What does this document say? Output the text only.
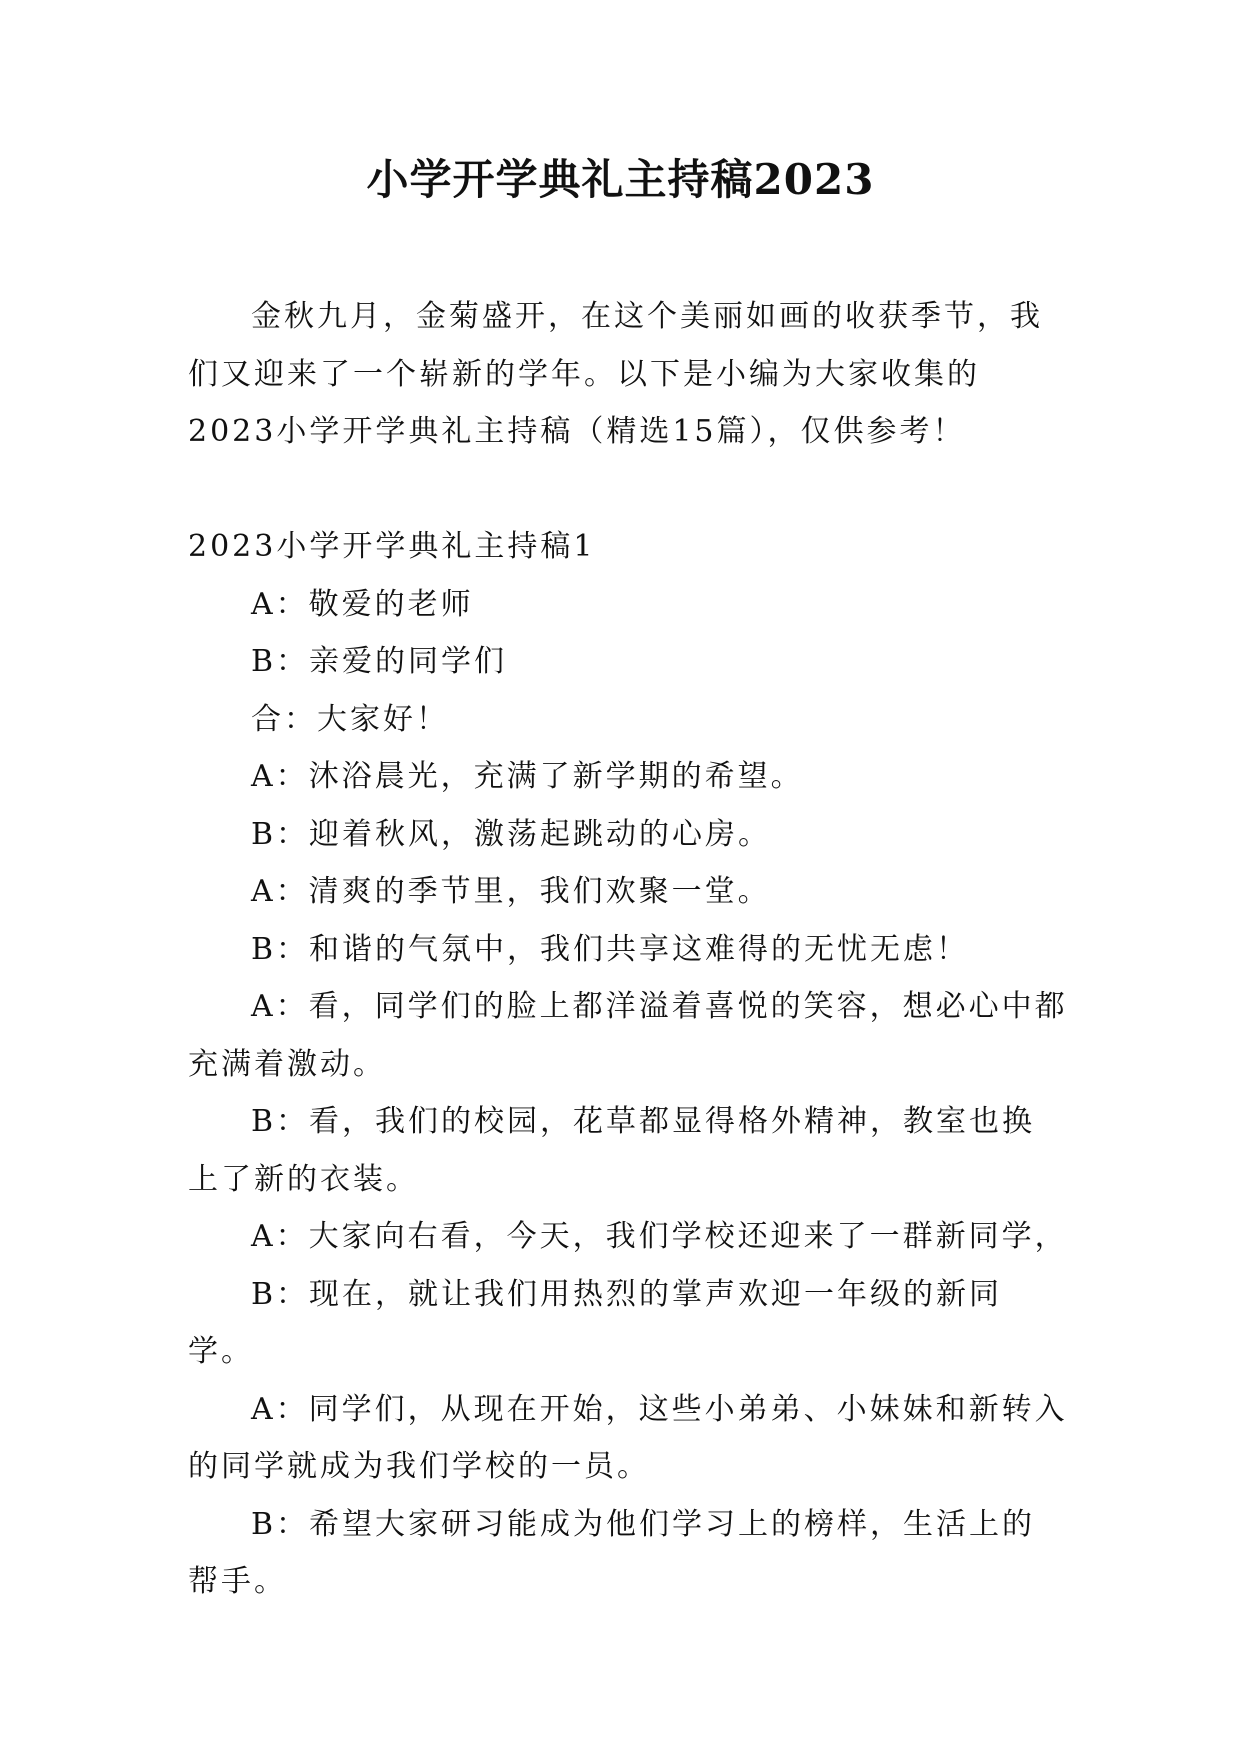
小学开学典礼主持稿2023

金秋九月，金菊盛开，在这个美丽如画的收获季节，我们又迎来了一个崭新的学年。以下是小编为大家收集的2023小学开学典礼主持稿（精选15篇），仅供参考！

2023小学开学典礼主持稿1

A：敬爱的老师

B：亲爱的同学们

合：大家好！

A：沐浴晨光，充满了新学期的希望。

B：迎着秋风，激荡起跳动的心房。

A：清爽的季节里，我们欢聚一堂。

B：和谐的气氛中，我们共享这难得的无忧无虑！

A：看，同学们的脸上都洋溢着喜悦的笑容，想必心中都充满着激动。

B：看，我们的校园，花草都显得格外精神，教室也换上了新的衣装。

A：大家向右看，今天，我们学校还迎来了一群新同学，

B：现在，就让我们用热烈的掌声欢迎一年级的新同学。

A：同学们，从现在开始，这些小弟弟、小妹妹和新转入的同学就成为我们学校的一员。

B：希望大家研习能成为他们学习上的榜样，生活上的帮手。
